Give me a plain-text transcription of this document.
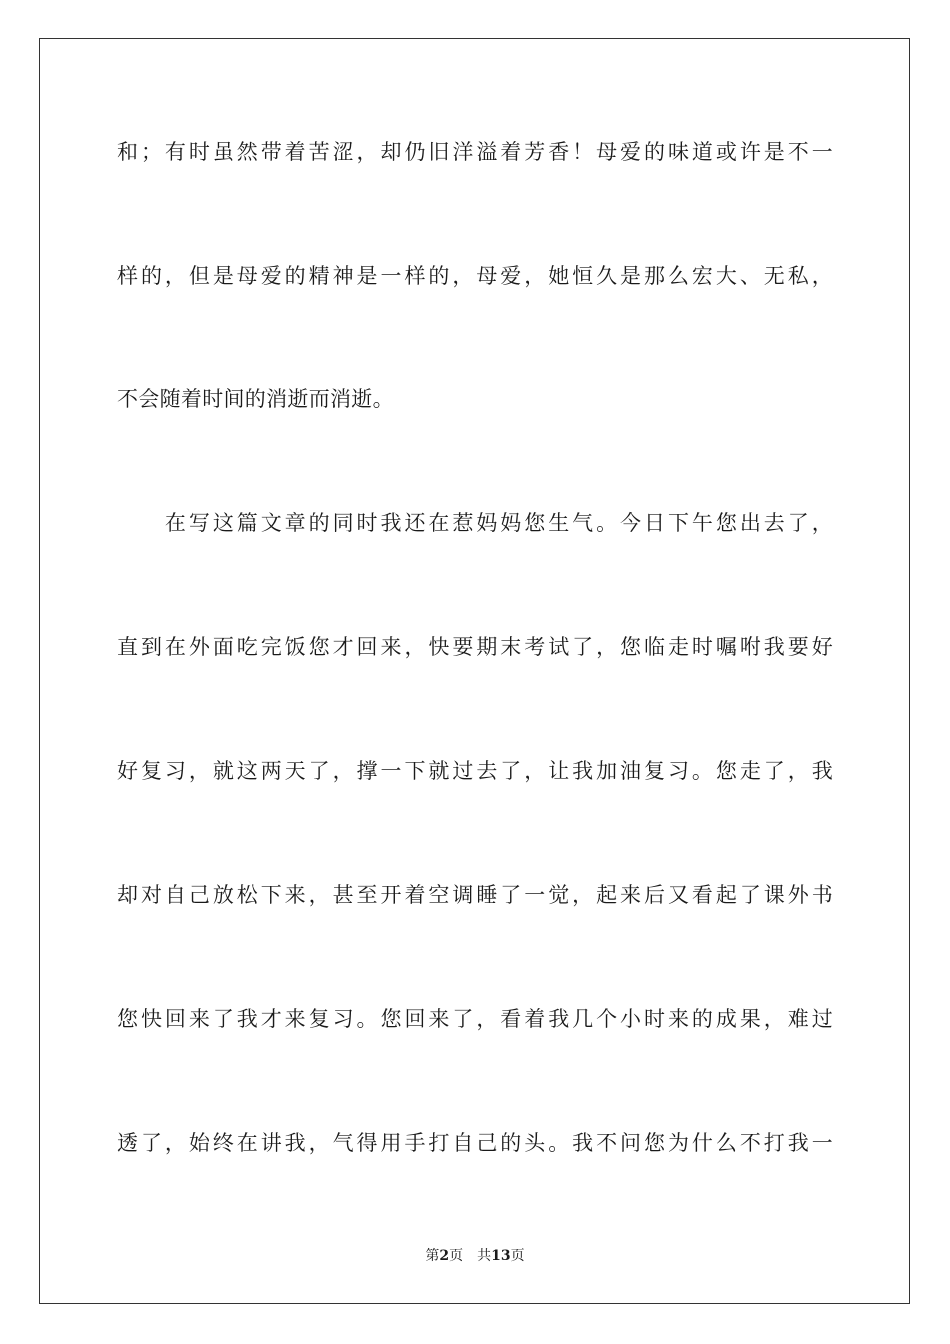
和；有时虽然带着苦涩，却仍旧洋溢着芳香！母爱的味道或许是不一
样的，但是母爱的精神是一样的，母爱，她恒久是那么宏大、无私，
不会随着时间的消逝而消逝。
　　在写这篇文章的同时我还在惹妈妈您生气。今日下午您出去了，
直到在外面吃完饭您才回来，快要期末考试了，您临走时嘱咐我要好
好复习，就这两天了，撑一下就过去了，让我加油复习。您走了，我
却对自己放松下来，甚至开着空调睡了一觉，起来后又看起了课外书
您快回来了我才来复习。您回来了，看着我几个小时来的成果，难过
透了，始终在讲我，气得用手打自己的头。我不问您为什么不打我一
第2页 共13页
